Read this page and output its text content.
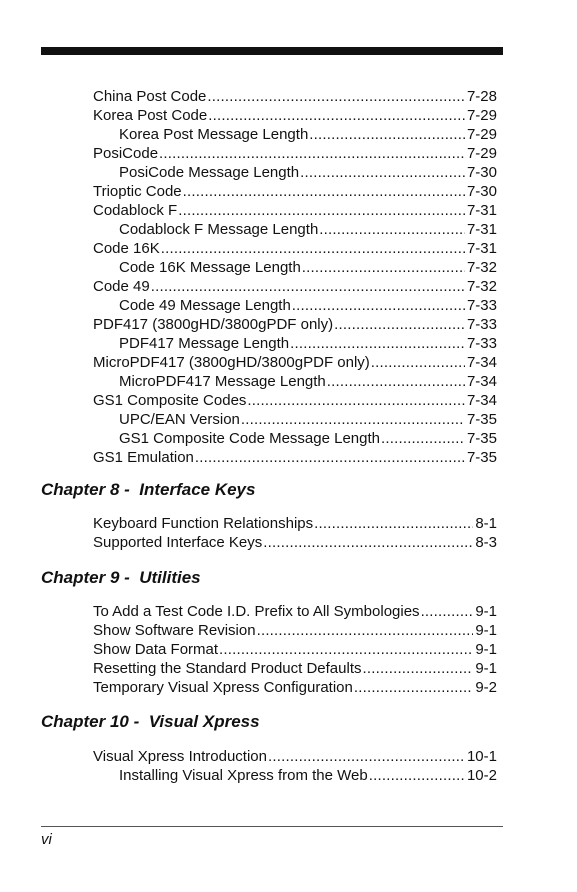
China Post Code .....	7-28
Korea Post Code .....	7-29
Korea Post Message Length .....	7-29
PosiCode .....	7-29
PosiCode Message Length .....	7-30
Trioptic Code .....	7-30
Codablock F .....	7-31
Codablock F Message Length .....	7-31
Code 16K .....	7-31
Code 16K Message Length .....	7-32
Code 49 .....	7-32
Code 49 Message Length .....	7-33
PDF417 (3800gHD/3800gPDF only) .....	7-33
PDF417 Message Length .....	7-33
MicroPDF417 (3800gHD/3800gPDF only) .....	7-34
MicroPDF417 Message Length .....	7-34
GS1 Composite Codes .....	7-34
UPC/EAN Version .....	7-35
GS1 Composite Code Message Length .....	7-35
GS1 Emulation .....	7-35
Chapter 8 -  Interface Keys
Keyboard Function Relationships .....	8-1
Supported Interface Keys .....	8-3
Chapter 9 -  Utilities
To Add a Test Code I.D. Prefix to All Symbologies .....	9-1
Show Software Revision .....	9-1
Show Data Format .....	9-1
Resetting the Standard Product Defaults .....	9-1
Temporary Visual Xpress Configuration .....	9-2
Chapter 10 -  Visual Xpress
Visual Xpress Introduction .....	10-1
Installing Visual Xpress from the Web .....	10-2
vi
